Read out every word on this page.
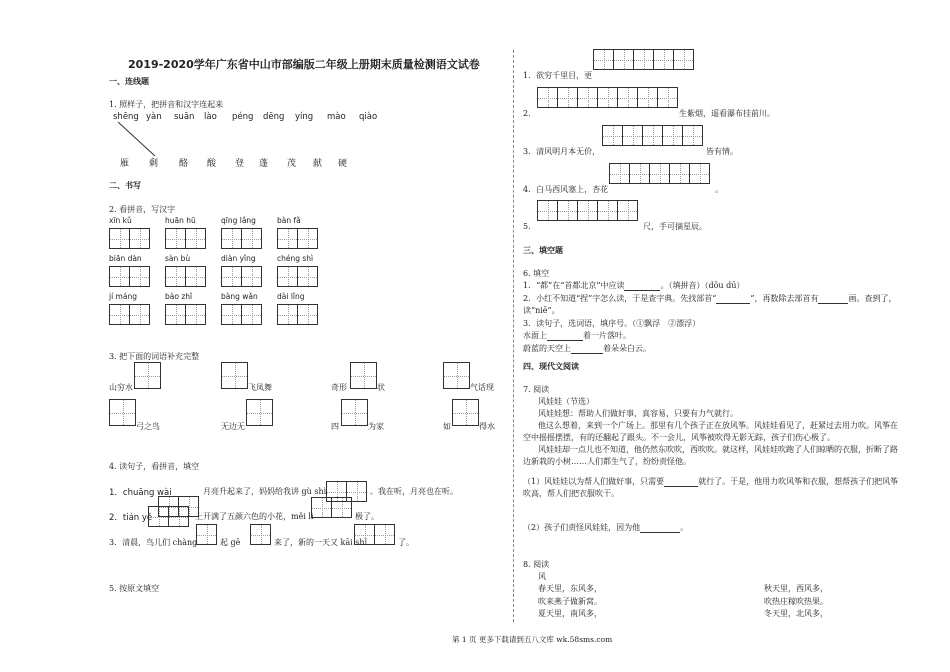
2019-2020学年广东省中山市部编版二年级上册期末质量检测语文试卷
一、连线题
1. 照样子，把拼音和汉字连起来
shēng yàn suān lào péng dēng yíng mào qiào
雁 剩 酪 酸 登 蓬 茂 献 硬
二、书写
2. 看拼音，写汉字
xīn kǔ	huān hū	qīng lǎng	bàn fǎ
biān dàn	sàn bù	diàn yǐng	chéng shì
jí máng	bào zhǐ	bàng wǎn	dài lǐng
3. 把下面的词语补充完整
山穷水	飞凤舞	奇形	状	气话现
弓之鸟	无边无	四	为家	如	得水
4. 读句子，看拼音，填空
1．chuāng wài	月亮升起来了，妈妈给我讲 gù shì	。我在听，月亮也在听。
2．tián yě	上开满了五颜六色的小花，měi lì	极了。
3．清晨，鸟儿们 chàng	起 gē	来了，新的一天又 kāi shǐ	了。
5. 按原文填空
1．欲穷千里目，更
2．	生紫烟，遥看瀑布挂前川。
3．清风明月本无价，	皆有情。
4．白马西风塞上，杏花	。
5．	尺，手可摘星辰。
三、填空题
6. 填空
1．“都”在“首都北京”中应读	。（填拼音）（dōu dū）
2．小红不知道“捏”字怎么读，于是查字典。先找部首“	”，再数除去部首有	画。查到了，
读“niē”。
3．读句子，选词语，填序号。（①飘浮　②漂浮）
水面上	着一片落叶。
蔚蓝的天空上	着朵朵白云。
四、现代文阅读
7. 阅读
风娃娃（节选）
风娃娃想：帮助人们做好事，真容易，只要有力气就行。
他这么想着，来到一个广场上。那里有几个孩子正在放风筝。风娃娃看见了，赶紧过去用力吹。风筝在
空中摇摇摆摆，有的还翻起了跟头。不一会儿，风筝被吹得无影无踪，孩子们伤心极了。
风娃娃却一点儿也不知道，他仍然东吹吹，西吹吹。就这样，风娃娃吹跑了人们晾晒的衣服，折断了路
边新栽的小树……人们都生气了，纷纷责怪他。
（1）风娃娃以为帮人们做好事，只需要	就行了。于是，他用力吹风筝和衣服，想帮孩子们把风筝
吹高，帮人们把衣服吹干。
（2）孩子们责怪风娃娃，因为他	。
8. 阅读
风
春天里，东风多，
吹来燕子做新窝。
夏天里，南风多，
秋天里，西风多，
吹热庄稼吹热果。
冬天里，北风多，
第 1 页 更多下载请到五八文库 wk.58sms.com
